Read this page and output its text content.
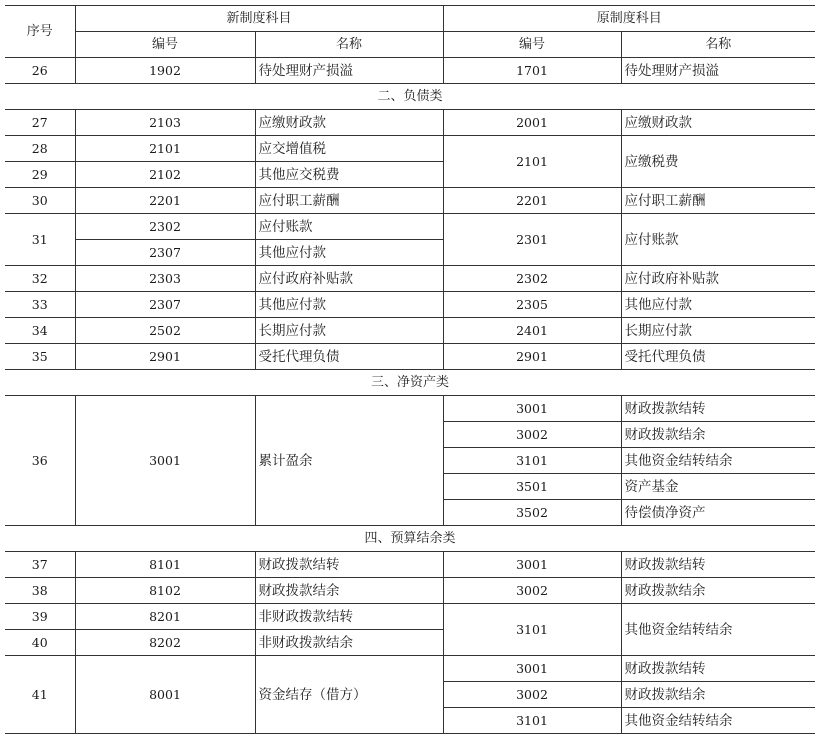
序号	新制度科目		原制度科目	
	编号	名称	编号	名称
26	1902	待处理财产损溢	1701	待处理财产损溢
二、负债类				
27	2103	应缴财政款	2001	应缴财政款
28	2101	应交增值税	2101	应缴税费
29	2102	其他应交税费		
30	2201	应付职工薪酬	2201	应付职工薪酬
31	2302	应付账款	2301	应付账款
	2307	其他应付款		
32	2303	应付政府补贴款	2302	应付政府补贴款
33	2307	其他应付款	2305	其他应付款
34	2502	长期应付款	2401	长期应付款
35	2901	受托代理负债	2901	受托代理负债
三、净资产类				
36	3001	累计盈余	3001	财政拨款结转
			3002	财政拨款结余
			3101	其他资金结转结余
			3501	资产基金
			3502	待偿债净资产
四、预算结余类				
37	8101	财政拨款结转	3001	财政拨款结转
38	8102	财政拨款结余	3002	财政拨款结余
39	8201	非财政拨款结转	3101	其他资金结转结余
40	8202	非财政拨款结余		
41	8001	资金结存（借方）	3001	财政拨款结转
			3002	财政拨款结余
			3101	其他资金结转结余
